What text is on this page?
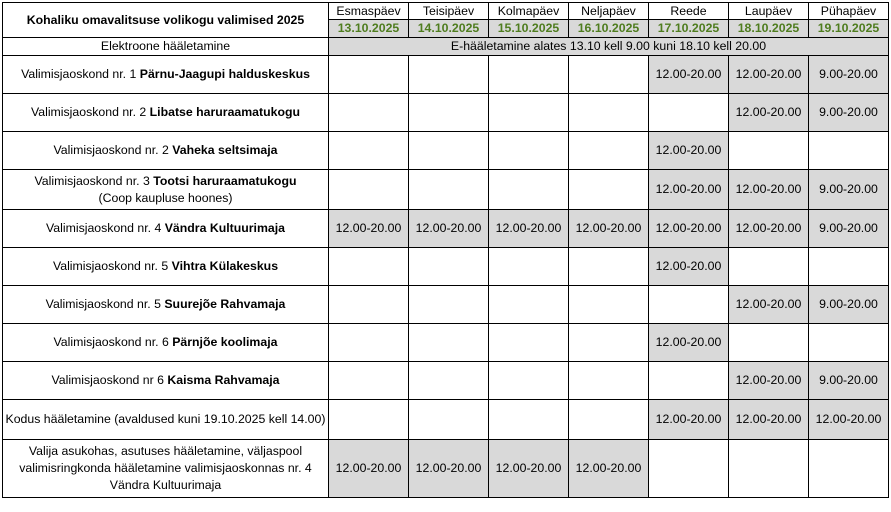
Kohaliku omavalitsuse volikogu valimised 2025	Esmaspäev	Teisipäev	Kolmapäev	Neljapäev	Reede	Laupäev	Pühapäev
	13.10.2025	14.10.2025	15.10.2025	16.10.2025	17.10.2025	18.10.2025	19.10.2025
Elektroone hääletamine	E-hääletamine alates 13.10 kell 9.00 kuni 18.10 kell 20.00						
Valimisjaoskond nr. 1 Pärnu-Jaagupi halduskeskus					12.00-20.00	12.00-20.00	9.00-20.00
Valimisjaoskond nr. 2 Libatse haruraamatukogu						12.00-20.00	9.00-20.00
Valimisjaoskond nr. 2 Vaheka seltsimaja					12.00-20.00		
Valimisjaoskond nr. 3 Tootsi haruraamatukogu
(Coop kaupluse hoones)					12.00-20.00	12.00-20.00	9.00-20.00
Valimisjaoskond nr. 4 Vändra Kultuurimaja	12.00-20.00	12.00-20.00	12.00-20.00	12.00-20.00	12.00-20.00	12.00-20.00	9.00-20.00
Valimisjaoskond nr. 5 Vihtra Külakeskus					12.00-20.00		
Valimisjaoskond nr. 5 Suurejõe Rahvamaja						12.00-20.00	9.00-20.00
Valimisjaoskond nr. 6 Pärnjõe koolimaja					12.00-20.00		
Valimisjaoskond nr 6 Kaisma Rahvamaja						12.00-20.00	9.00-20.00
Kodus hääletamine (avaldused kuni 19.10.2025 kell 14.00)					12.00-20.00	12.00-20.00	12.00-20.00
Valija asukohas, asutuses hääletamine, väljaspool valimisringkonda hääletamine valimisjaoskonnas nr. 4 Vändra Kultuurimaja	12.00-20.00	12.00-20.00	12.00-20.00	12.00-20.00			
